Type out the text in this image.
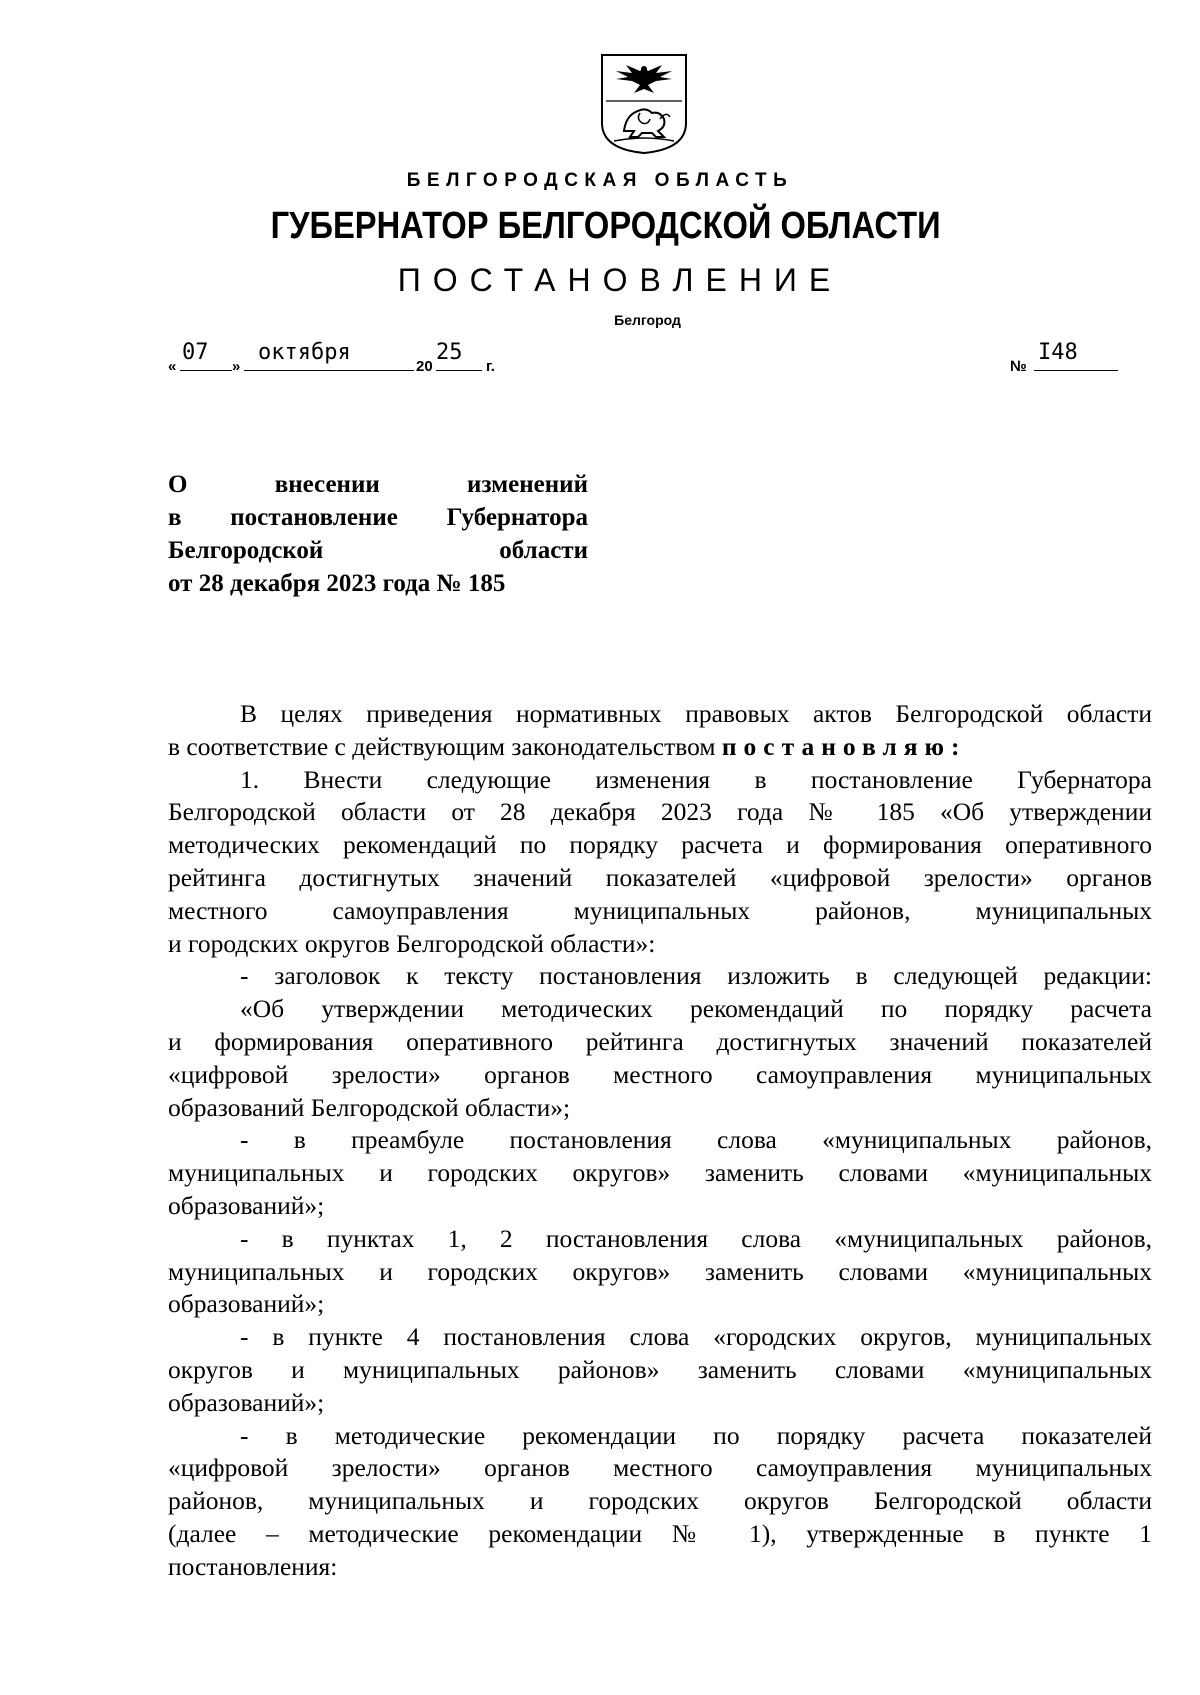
БЕЛГОРОДСКАЯ ОБЛАСТЬ
ГУБЕРНАТОР БЕЛГОРОДСКОЙ ОБЛАСТИ
ПОСТАНОВЛЕНИЕ
Белгород
«
07
»
октября
20
25
г.	№
I48
О внесении изменений
в постановление Губернатора
Белгородской области
от 28 декабря 2023 года № 185
В целях приведения нормативных правовых актов Белгородской области
в соответствие с действующим законодательством постановляю:
1. Внести следующие изменения в постановление Губернатора
Белгородской области от 28 декабря 2023 года № 185 «Об утверждении
методических рекомендаций по порядку расчета и формирования оперативного
рейтинга достигнутых значений показателей «цифровой зрелости» органов
местного самоуправления муниципальных районов, муниципальных
и городских округов Белгородской области»:
- заголовок к тексту постановления изложить в следующей редакции:
«Об утверждении методических рекомендаций по порядку расчета
и формирования оперативного рейтинга достигнутых значений показателей
«цифровой зрелости» органов местного самоуправления муниципальных
образований Белгородской области»;
- в преамбуле постановления слова «муниципальных районов,
муниципальных и городских округов» заменить словами «муниципальных
образований»;
- в пунктах 1, 2 постановления слова «муниципальных районов,
муниципальных и городских округов» заменить словами «муниципальных
образований»;
- в пункте 4 постановления слова «городских округов, муниципальных
округов и муниципальных районов» заменить словами «муниципальных
образований»;
- в методические рекомендации по порядку расчета показателей
«цифровой зрелости» органов местного самоуправления муниципальных
районов, муниципальных и городских округов Белгородской области
(далее – методические рекомендации № 1), утвержденные в пункте 1
постановления:
